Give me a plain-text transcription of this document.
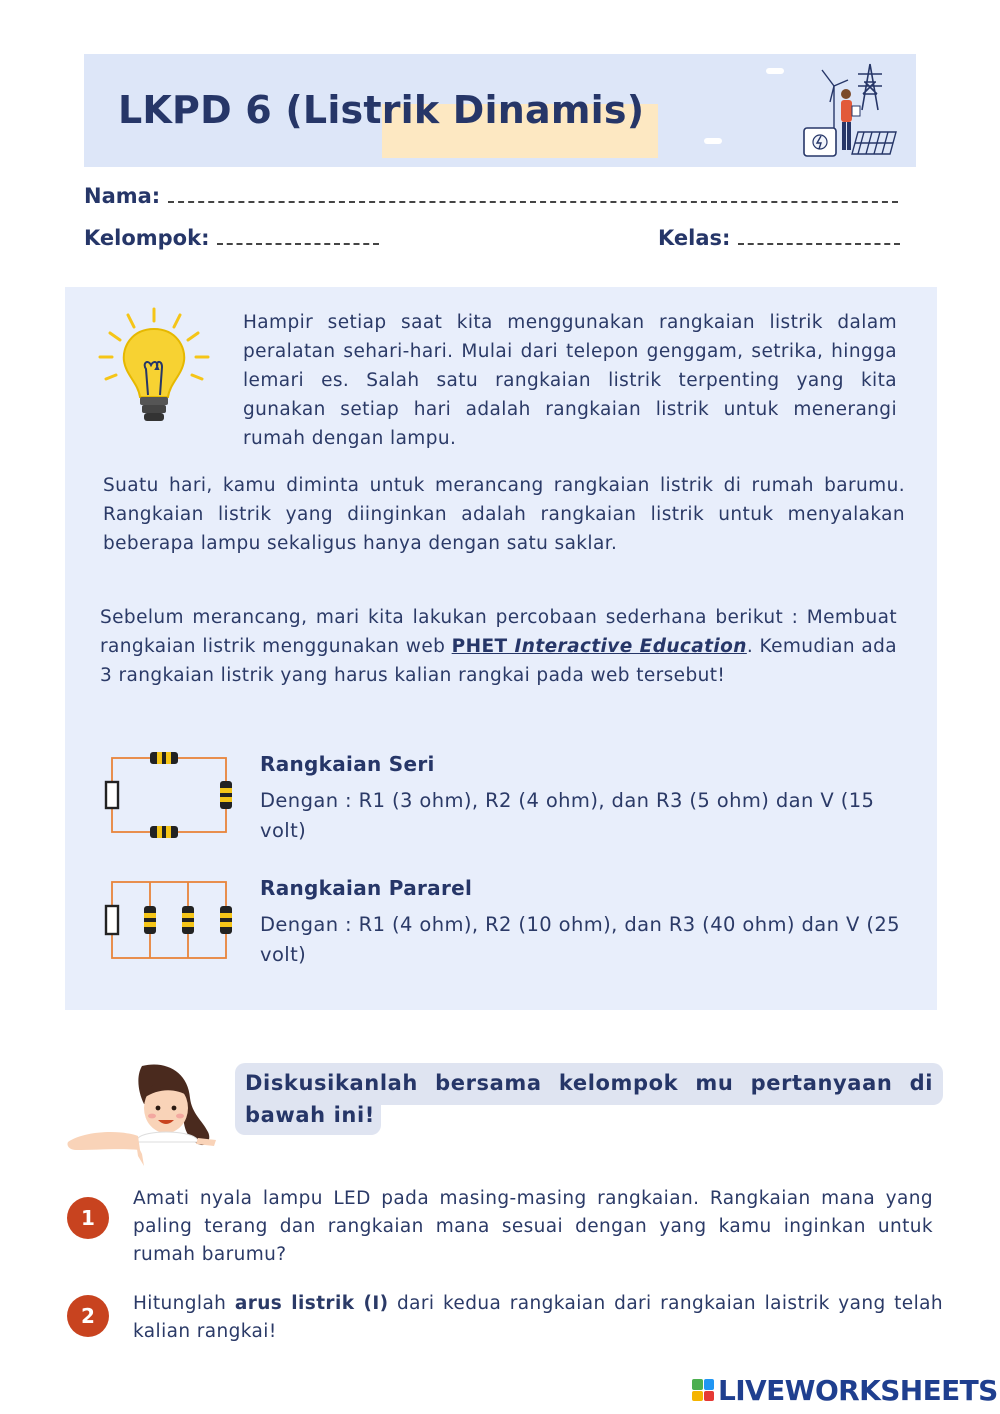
LKPD 6 (Listrik Dinamis)
Nama:
Kelompok:	Kelas:

Hampir setiap saat kita menggunakan rangkaian listrik dalam peralatan sehari-hari. Mulai dari telepon genggam, setrika, hingga lemari es. Salah satu rangkaian listrik terpenting yang kita gunakan setiap hari adalah rangkaian listrik untuk menerangi rumah dengan lampu.

Suatu hari, kamu diminta untuk merancang rangkaian listrik di rumah barumu. Rangkaian listrik yang diinginkan adalah rangkaian listrik untuk menyalakan beberapa lampu sekaligus hanya dengan satu saklar.

Sebelum merancang, mari kita lakukan percobaan sederhana berikut : Membuat rangkaian listrik menggunakan web PHET Interactive Education. Kemudian ada 3 rangkaian listrik yang harus kalian rangkai pada web tersebut!

Rangkaian Seri
Dengan : R1 (3 ohm), R2 (4 ohm), dan R3 (5 ohm) dan V (15 volt)
Rangkaian Pararel
Dengan : R1 (4 ohm), R2 (10 ohm), dan R3 (40 ohm) dan V (25 volt)
Diskusikanlah bersama kelompok mu pertanyaan di bawah ini!
1

Amati nyala lampu LED pada masing-masing rangkaian. Rangkaian mana yang paling terang dan rangkaian mana sesuai dengan yang kamu inginkan untuk rumah barumu?

2

Hitunglah arus listrik (I) dari kedua rangkaian dari rangkaian laistrik yang telah kalian rangkai!

LIVEWORKSHEETS
